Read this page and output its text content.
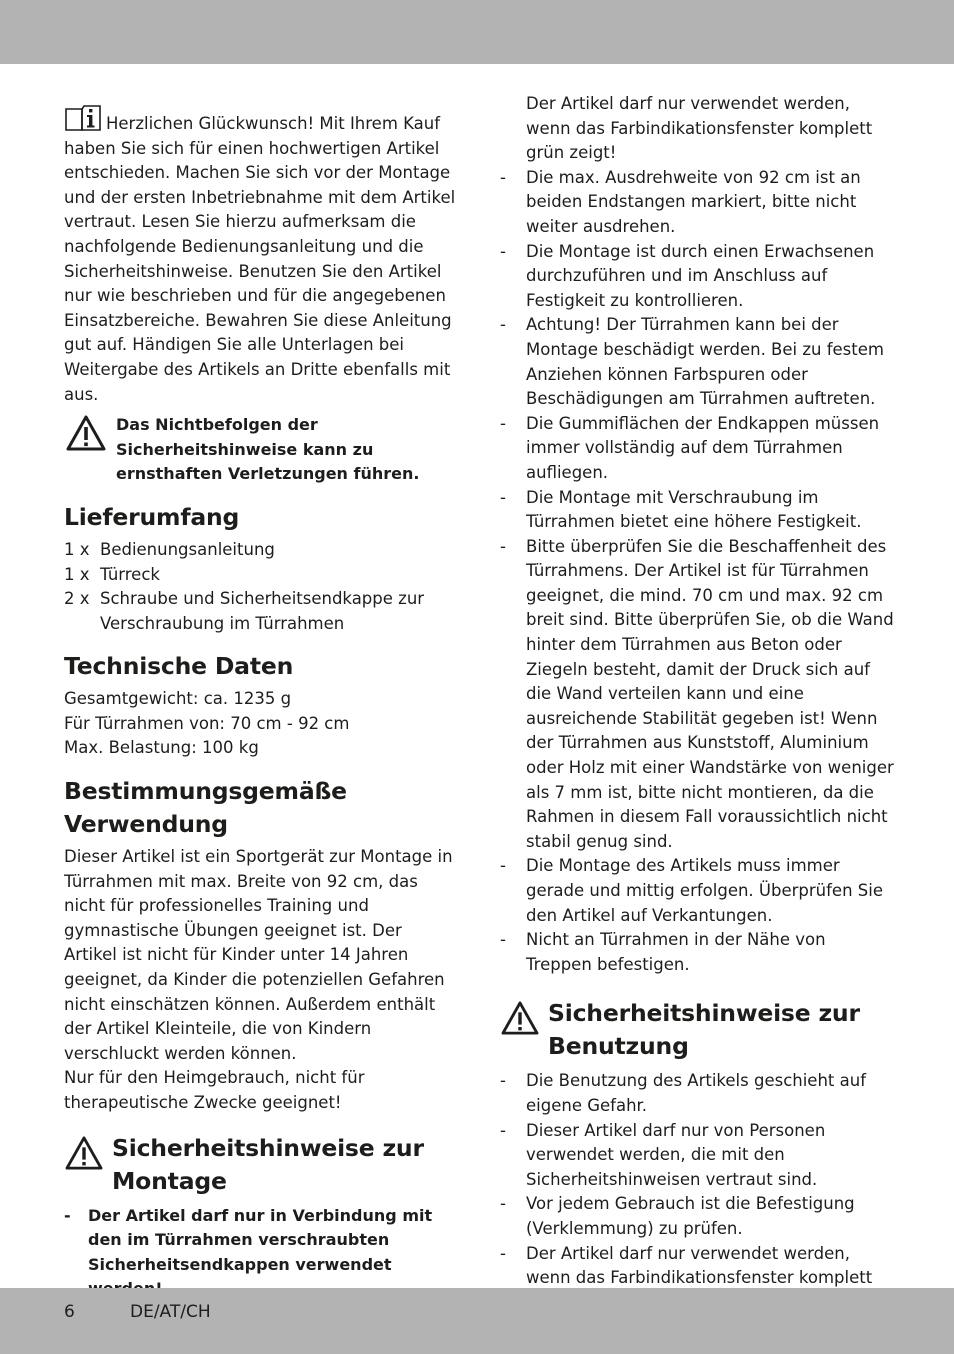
Herzlichen Glückwunsch! Mit Ihrem Kauf haben Sie sich für einen hochwertigen Artikel entschieden. Machen Sie sich vor der Montage und der ersten Inbetriebnahme mit dem Artikel vertraut. Lesen Sie hierzu aufmerksam die nachfolgende Bedienungsanleitung und die Sicherheitshinweise. Benutzen Sie den Artikel nur wie beschrieben und für die angegebenen Einsatzbereiche. Bewahren Sie diese Anleitung gut auf. Händigen Sie alle Unterlagen bei Weitergabe des Artikels an Dritte ebenfalls mit aus.

Das Nichtbefolgen der Sicherheitshinweise kann zu ernsthaften Verletzungen führen.
Lieferumfang
1 x Bedienungsanleitung
1 x Türreck
2 x Schraube und Sicherheitsendkappe zur Verschraubung im Türrahmen
Technische Daten

Gesamtgewicht: ca. 1235 g

Für Türrahmen von: 70 cm - 92 cm

Max. Belastung: 100 kg

Bestimmungsgemäße Verwendung

Dieser Artikel ist ein Sportgerät zur Montage in Türrahmen mit max. Breite von 92 cm, das nicht für professionelles Training und gymnastische Übungen geeignet ist. Der Artikel ist nicht für Kinder unter 14 Jahren geeignet, da Kinder die potenziellen Gefahren nicht einschätzen können. Außerdem enthält der Artikel Kleinteile, die von Kindern verschluckt werden können.

Nur für den Heimgebrauch, nicht für therapeutische Zwecke geeignet!

Sicherheitshinweise zur Montage
-	Der Artikel darf nur in Verbindung mit den im Türrahmen verschraubten Sicherheitsendkappen verwendet

Der Artikel darf nur verwendet werden, wenn das Farbindikationsfenster komplett grün zeigt!

-	Die max. Ausdrehweite von 92 cm ist an beiden Endstangen markiert, bitte nicht weiter ausdrehen.
-	Die Montage ist durch einen Erwachsenen durchzuführen und im Anschluss auf Festigkeit zu kontrollieren.
-	Achtung! Der Türrahmen kann bei der Montage beschädigt werden. Bei zu festem Anziehen können Farbspuren oder Beschädigungen am Türrahmen auftreten.
-	Die Gummiflächen der Endkappen müssen immer vollständig auf dem Türrahmen aufliegen.
-	Die Montage mit Verschraubung im Türrahmen bietet eine höhere Festigkeit.
-	Bitte überprüfen Sie die Beschaffenheit des Türrahmens. Der Artikel ist für Türrahmen geeignet, die mind. 70 cm und max. 92 cm breit sind. Bitte überprüfen Sie, ob die Wand hinter dem Türrahmen aus Beton oder Ziegeln besteht, damit der Druck sich auf die Wand verteilen kann und eine ausreichende Stabilität gegeben ist! Wenn der Türrahmen aus Kunststoff, Aluminium oder Holz mit einer Wandstärke von weniger als 7 mm ist, bitte nicht montieren, da die Rahmen in diesem Fall voraussichtlich nicht stabil genug sind.
-	Die Montage des Artikels muss immer gerade und mittig erfolgen. Überprüfen Sie den Artikel auf Verkantungen.
-	Nicht an Türrahmen in der Nähe von Treppen befestigen.
Sicherheitshinweise zur Benutzung
-	Die Benutzung des Artikels geschieht auf eigene Gefahr.
-	Dieser Artikel darf nur von Personen verwendet werden, die mit den Sicherheitshinweisen vertraut sind.
-	Vor jedem Gebrauch ist die Befestigung (Verklemmung) zu prüfen.
-	Der Artikel darf nur verwendet werden, wenn das Farbindikationsfenster komplett
6	DE/AT/CH
